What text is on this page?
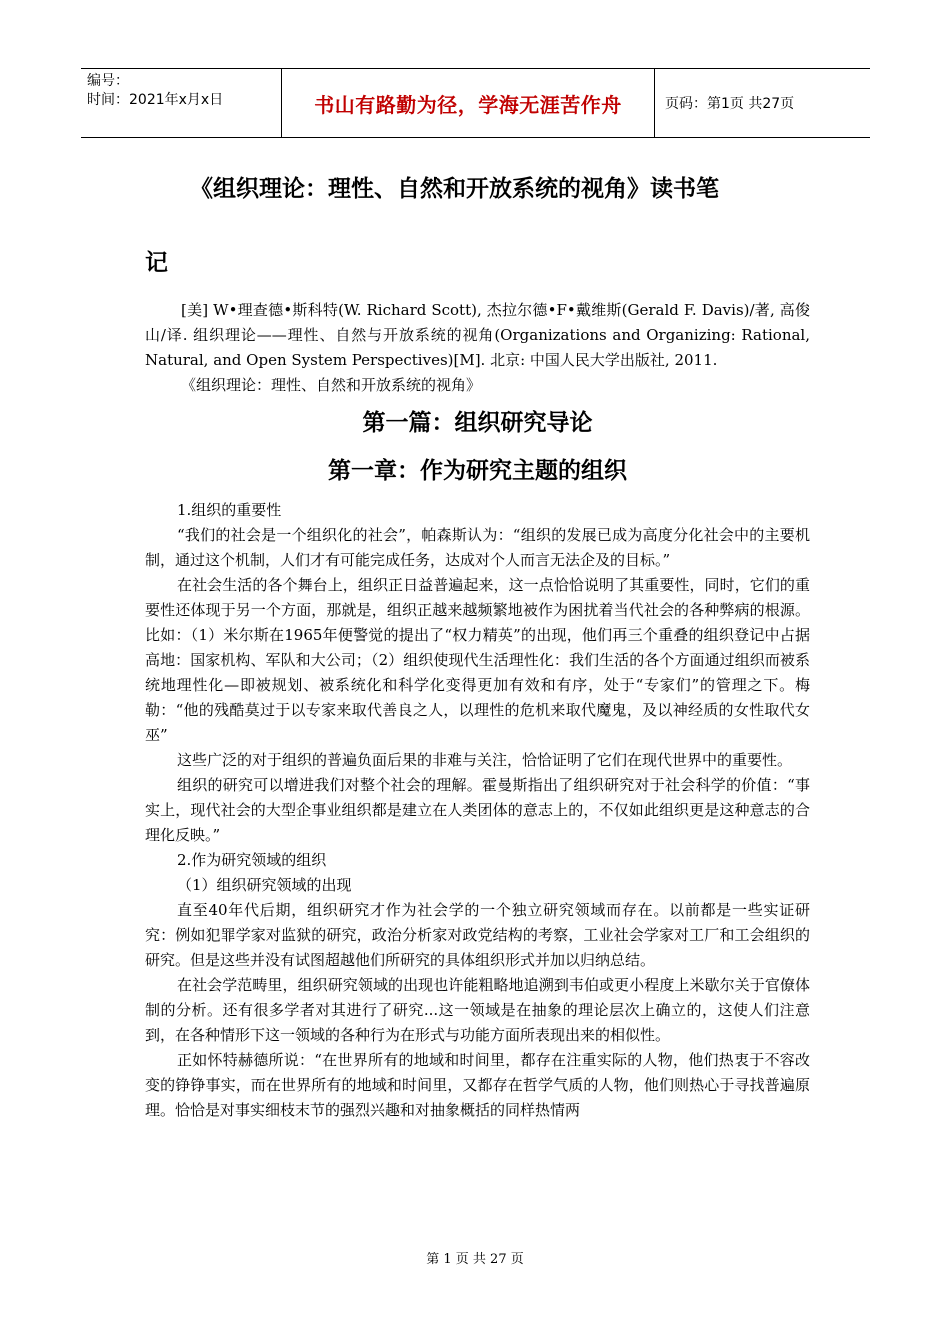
编号：
时间：2021年x月x日	书山有路勤为径，学海无涯苦作舟	页码：第1页 共27页
《组织理论：理性、自然和开放系统的视角》读书笔
记

[美] W•理查德•斯科特(W. Richard Scott), 杰拉尔德•F•戴维斯(Gerald F. Davis)/著, 高俊山/译. 组织理论——理性、自然与开放系统的视角(Organizations and Organizing: Rational, Natural, and Open System Perspectives)[M]. 北京: 中国人民大学出版社, 2011.

《组织理论：理性、自然和开放系统的视角》

第一篇：组织研究导论
第一章：作为研究主题的组织

1.组织的重要性

“我们的社会是一个组织化的社会”，帕森斯认为：“组织的发展已成为高度分化社会中的主要机制，通过这个机制，人们才有可能完成任务，达成对个人而言无法企及的目标。”

在社会生活的各个舞台上，组织正日益普遍起来，这一点恰恰说明了其重要性，同时，它们的重要性还体现于另一个方面，那就是，组织正越来越频繁地被作为困扰着当代社会的各种弊病的根源。比如：（1）米尔斯在1965年便警觉的提出了“权力精英”的出现，他们再三个重叠的组织登记中占据高地：国家机构、军队和大公司；（2）组织使现代生活理性化：我们生活的各个方面通过组织而被系统地理性化—即被规划、被系统化和科学化变得更加有效和有序，处于“专家们”的管理之下。梅勒：“他的残酷莫过于以专家来取代善良之人，以理性的危机来取代魔鬼，及以神经质的女性取代女巫”

这些广泛的对于组织的普遍负面后果的非难与关注，恰恰证明了它们在现代世界中的重要性。

组织的研究可以增进我们对整个社会的理解。霍曼斯指出了组织研究对于社会科学的价值：“事实上，现代社会的大型企事业组织都是建立在人类团体的意志上的，不仅如此组织更是这种意志的合理化反映。”

2.作为研究领域的组织

（1）组织研究领域的出现

直至40年代后期，组织研究才作为社会学的一个独立研究领域而存在。以前都是一些实证研究：例如犯罪学家对监狱的研究，政治分析家对政党结构的考察，工业社会学家对工厂和工会组织的研究。但是这些并没有试图超越他们所研究的具体组织形式并加以归纳总结。

在社会学范畴里，组织研究领域的出现也许能粗略地追溯到韦伯或更小程度上米歇尔关于官僚体制的分析。还有很多学者对其进行了研究...这一领域是在抽象的理论层次上确立的，这使人们注意到，在各种情形下这一领域的各种行为在形式与功能方面所表现出来的相似性。

正如怀特赫德所说：“在世界所有的地域和时间里，都存在注重实际的人物，他们热衷于不容改变的铮铮事实，而在世界所有的地域和时间里，又都存在哲学气质的人物，他们则热心于寻找普遍原理。恰恰是对事实细枝末节的强烈兴趣和对抽象概括的同样热情两

第 1 页 共 27 页
